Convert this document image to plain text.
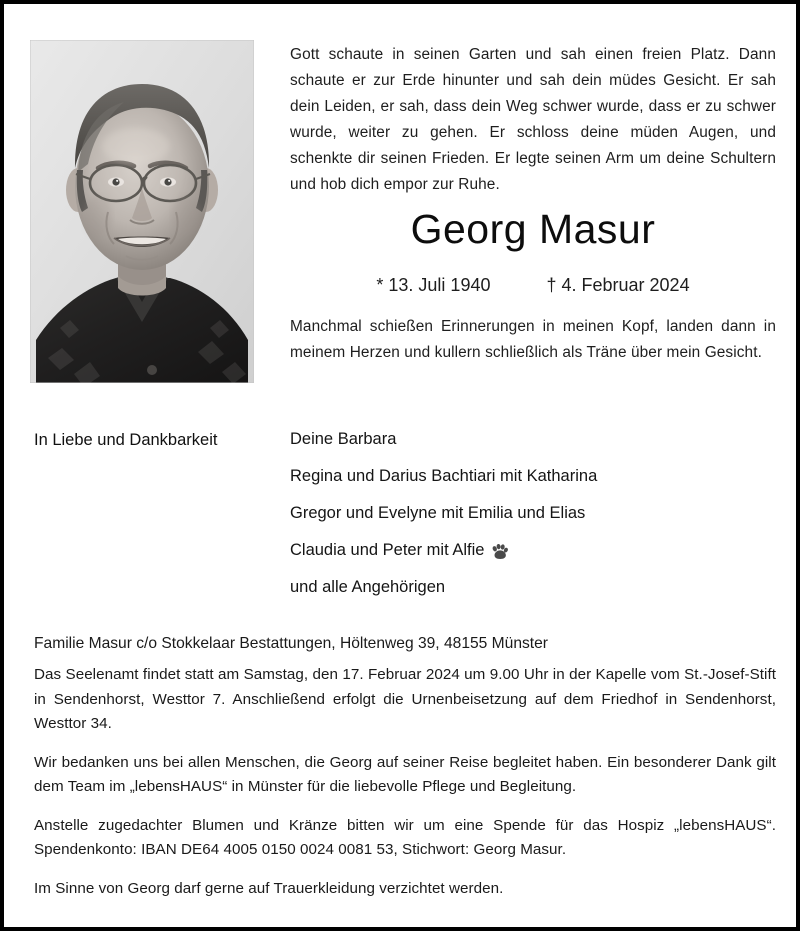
Gott schaute in seinen Garten und sah einen freien Platz. Dann schaute er zur Erde hinunter und sah dein müdes Gesicht. Er sah dein Leiden, er sah, dass dein Weg schwer wurde, dass er zu schwer wurde, weiter zu gehen. Er schloss deine müden Augen, und schenkte dir seinen Frieden. Er legte seinen Arm um deine Schultern und hob dich empor zur Ruhe.
Georg Masur
* 13. Juli 1940	† 4. Februar 2024
Manchmal schießen Erinnerungen in meinen Kopf, landen dann in meinem Herzen und kullern schließlich als Träne über mein Gesicht.
In Liebe und Dankbarkeit	Deine Barbara
Regina und Darius Bachtiari mit Katharina
Gregor und Evelyne mit Emilia und Elias
Claudia und Peter mit Alfie
und alle Angehörigen
Familie Masur c/o Stokkelaar Bestattungen, Höltenweg 39, 48155 Münster

Das Seelenamt findet statt am Samstag, den 17. Februar 2024 um 9.00 Uhr in der Kapelle vom St.-Josef-Stift in Sendenhorst, Westtor 7. Anschließend erfolgt die Urnenbeisetzung auf dem Friedhof in Sendenhorst, Westtor 34.

Wir bedanken uns bei allen Menschen, die Georg auf seiner Reise begleitet haben. Ein besonderer Dank gilt dem Team im „lebensHAUS“ in Münster für die liebevolle Pflege und Begleitung.

Anstelle zugedachter Blumen und Kränze bitten wir um eine Spende für das Hospiz „lebensHAUS“. Spendenkonto: IBAN DE64 4005 0150 0024 0081 53, Stichwort: Georg Masur.

Im Sinne von Georg darf gerne auf Trauerkleidung verzichtet werden.
